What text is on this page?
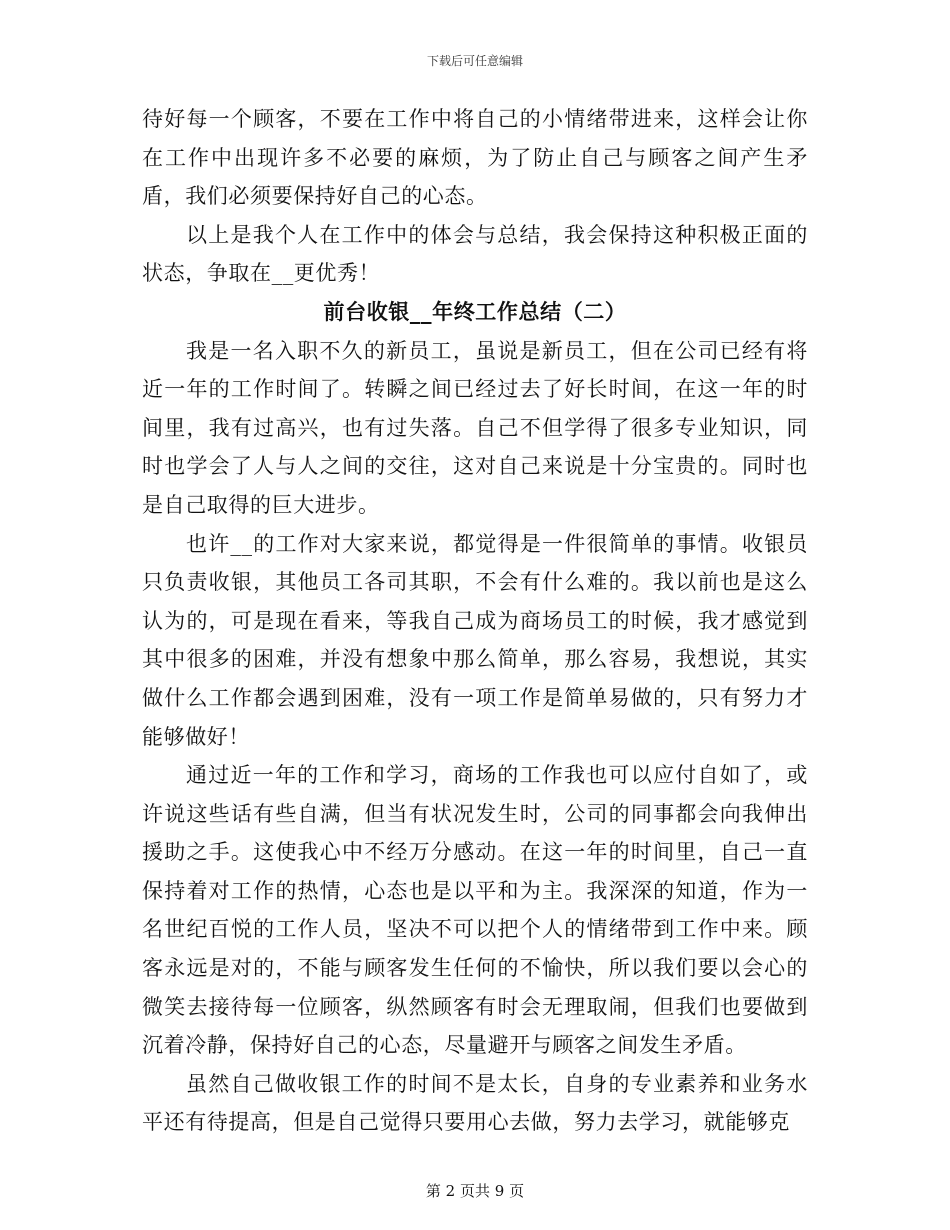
下载后可任意编辑

待好每一个顾客，不要在工作中将自己的小情绪带进来，这样会让你在工作中出现许多不必要的麻烦，为了防止自己与顾客之间产生矛盾，我们必须要保持好自己的心态。

以上是我个人在工作中的体会与总结，我会保持这种积极正面的状态，争取在__更优秀！

前台收银__年终工作总结（二）

我是一名入职不久的新员工，虽说是新员工，但在公司已经有将近一年的工作时间了。转瞬之间已经过去了好长时间，在这一年的时间里，我有过高兴，也有过失落。自己不但学得了很多专业知识，同时也学会了人与人之间的交往，这对自己来说是十分宝贵的。同时也是自己取得的巨大进步。

也许__的工作对大家来说，都觉得是一件很简单的事情。收银员只负责收银，其他员工各司其职，不会有什么难的。我以前也是这么认为的，可是现在看来，等我自己成为商场员工的时候，我才感觉到其中很多的困难，并没有想象中那么简单，那么容易，我想说，其实做什么工作都会遇到困难，没有一项工作是简单易做的，只有努力才能够做好！

通过近一年的工作和学习，商场的工作我也可以应付自如了，或许说这些话有些自满，但当有状况发生时，公司的同事都会向我伸出援助之手。这使我心中不经万分感动。在这一年的时间里，自己一直保持着对工作的热情，心态也是以平和为主。我深深的知道，作为一名世纪百悦的工作人员，坚决不可以把个人的情绪带到工作中来。顾客永远是对的，不能与顾客发生任何的不愉快，所以我们要以会心的微笑去接待每一位顾客，纵然顾客有时会无理取闹，但我们也要做到沉着冷静，保持好自己的心态，尽量避开与顾客之间发生矛盾。

虽然自己做收银工作的时间不是太长，自身的专业素养和业务水平还有待提高，但是自己觉得只要用心去做，努力去学习，就能够克

第 2 页共 9 页
